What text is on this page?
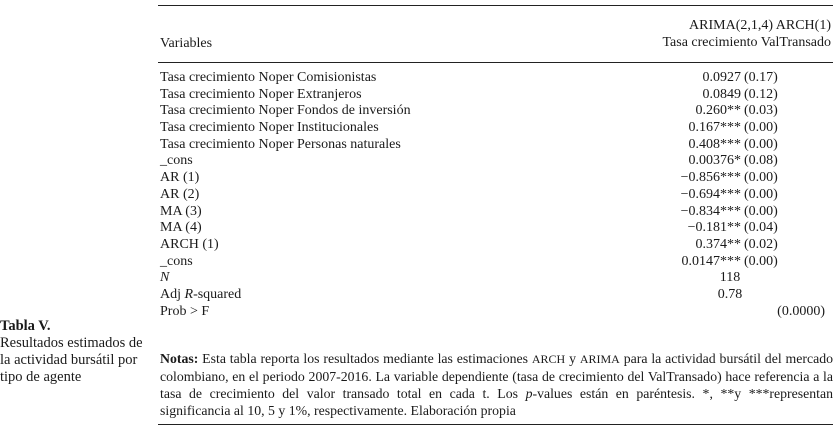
Tabla V.
Resultados estimados de la actividad bursátil por tipo de agente
ARIMA(2,1,4) ARCH(1)
Tasa crecimiento ValTransado
Variables
Tasa crecimiento Noper Comisionistas	0.0927 (0.17)
Tasa crecimiento Noper Extranjeros	0.0849 (0.12)
Tasa crecimiento Noper Fondos de inversión	0.260** (0.03)
Tasa crecimiento Noper Institucionales	0.167*** (0.00)
Tasa crecimiento Noper Personas naturales	0.408*** (0.00)
_cons	0.00376* (0.08)
AR (1)	−0.856*** (0.00)
AR (2)	−0.694*** (0.00)
MA (3)	−0.834*** (0.00)
MA (4)	−0.181** (0.04)
ARCH (1)	0.374** (0.02)
_cons	0.0147*** (0.00)
N	118
Adj R-squared	0.78
Prob > F	(0.0000)
Notas: Esta tabla reporta los resultados mediante las estimaciones ARCH y ARIMA para la actividad bursátil del mercado colombiano, en el periodo 2007-2016. La variable dependiente (tasa de crecimiento del ValTransado) hace referencia a la tasa de crecimiento del valor transado total en cada t. Los p-values están en paréntesis. *, **y ***representan significancia al 10, 5 y 1%, respectivamente. Elaboración propia
